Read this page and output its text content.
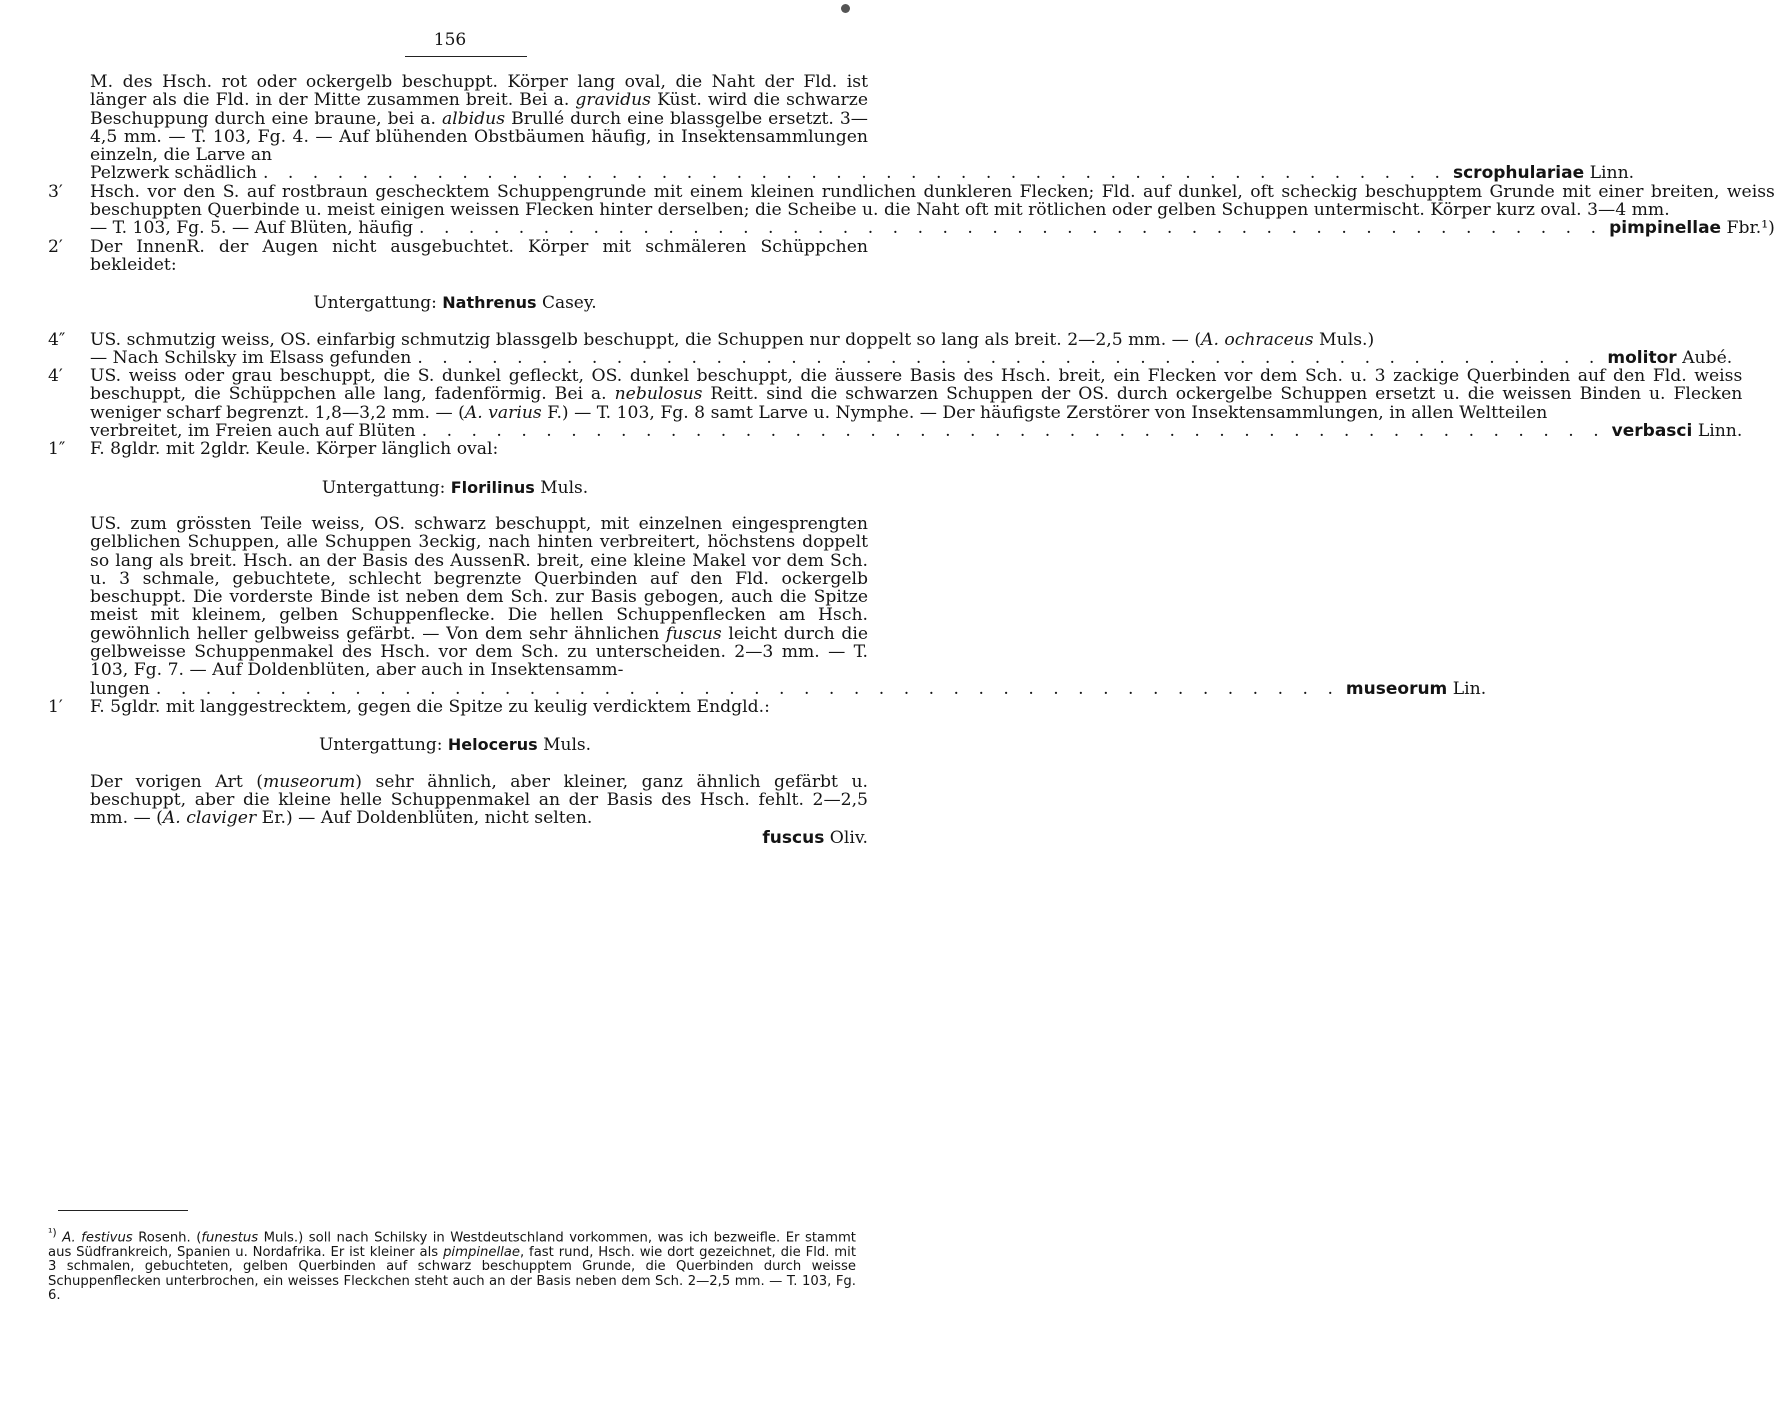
156
M. des Hsch. rot oder ockergelb beschuppt. Körper lang oval, die Naht der Fld. ist länger als die Fld. in der Mitte zusammen breit. Bei a. gravidus Küst. wird die schwarze Beschuppung durch eine braune, bei a. albidus Brullé durch eine blassgelbe ersetzt. 3—4,5 mm. — T. 103, Fg. 4. — Auf blühenden Obstbäumen häufig, in Insektensammlungen einzeln, die Larve an
Pelzwerk schädlich . . . . . . . . . . . . . . . . . . . . . . . . . . . . . . . . . . . . . . . . . . . . . . . . scrophulariae Linn.
3′	Hsch. vor den S. auf rostbraun geschecktem Schuppengrunde mit einem kleinen rundlichen dunkleren Flecken; Fld. auf dunkel, oft scheckig beschupptem Grunde mit einer breiten, weiss beschuppten Querbinde u. meist einigen weissen Flecken hinter derselben; die Scheibe u. die Naht oft mit rötlichen oder gelben Schuppen untermischt. Körper kurz oval. 3—4 mm.
— T. 103, Fg. 5. — Auf Blüten, häufig . . . . . . . . . . . . . . . . . . . . . . . . . . . . . . . . . . . . . . . . . . . . . . . . pimpinellae Fbr.¹)
2′	Der InnenR. der Augen nicht ausgebuchtet. Körper mit schmäleren Schüppchen bekleidet:
Untergattung: Nathrenus Casey.
4″	US. schmutzig weiss, OS. einfarbig schmutzig blassgelb beschuppt, die Schuppen nur doppelt so lang als breit. 2—2,5 mm. — (A. ochraceus Muls.)
— Nach Schilsky im Elsass gefunden . . . . . . . . . . . . . . . . . . . . . . . . . . . . . . . . . . . . . . . . . . . . . . . . molitor Aubé.
4′	US. weiss oder grau beschuppt, die S. dunkel gefleckt, OS. dunkel beschuppt, die äussere Basis des Hsch. breit, ein Flecken vor dem Sch. u. 3 zackige Querbinden auf den Fld. weiss beschuppt, die Schüppchen alle lang, fadenförmig. Bei a. nebulosus Reitt. sind die schwarzen Schuppen der OS. durch ockergelbe Schuppen ersetzt u. die weissen Binden u. Flecken weniger scharf begrenzt. 1,8—3,2 mm. — (A. varius F.) — T. 103, Fg. 8 samt Larve u. Nymphe. — Der häufigste Zerstörer von Insektensammlungen, in allen Weltteilen
verbreitet, im Freien auch auf Blüten . . . . . . . . . . . . . . . . . . . . . . . . . . . . . . . . . . . . . . . . . . . . . . . . verbasci Linn.
1″	F. 8gldr. mit 2gldr. Keule. Körper länglich oval:
Untergattung: Florilinus Muls.
US. zum grössten Teile weiss, OS. schwarz beschuppt, mit einzelnen eingesprengten gelblichen Schuppen, alle Schuppen 3eckig, nach hinten verbreitert, höchstens doppelt so lang als breit. Hsch. an der Basis des AussenR. breit, eine kleine Makel vor dem Sch. u. 3 schmale, gebuchtete, schlecht begrenzte Querbinden auf den Fld. ockergelb beschuppt. Die vorderste Binde ist neben dem Sch. zur Basis gebogen, auch die Spitze meist mit kleinem, gelben Schuppenflecke. Die hellen Schuppenflecken am Hsch. gewöhnlich heller gelbweiss gefärbt. — Von dem sehr ähnlichen fuscus leicht durch die gelbweisse Schuppenmakel des Hsch. vor dem Sch. zu unterscheiden. 2—3 mm. — T. 103, Fg. 7. — Auf Doldenblüten, aber auch in Insektensamm-
lungen . . . . . . . . . . . . . . . . . . . . . . . . . . . . . . . . . . . . . . . . . . . . . . . . museorum Lin.
1′	F. 5gldr. mit langgestrecktem, gegen die Spitze zu keulig verdicktem Endgld.:
Untergattung: Helocerus Muls.
Der vorigen Art (museorum) sehr ähnlich, aber kleiner, ganz ähnlich gefärbt u. beschuppt, aber die kleine helle Schuppenmakel an der Basis des Hsch. fehlt. 2—2,5 mm. — (A. claviger Er.) — Auf Doldenblüten, nicht selten.
fuscus Oliv.
$^{^1)}$ A. festivus Rosenh. (funestus Muls.) soll nach Schilsky in Westdeutschland vorkommen, was ich bezweifle. Er stammt aus Südfrankreich, Spanien u. Nordafrika. Er ist kleiner als pimpinellae, fast rund, Hsch. wie dort gezeichnet, die Fld. mit 3 schmalen, gebuchteten, gelben Querbinden auf schwarz beschupptem Grunde, die Querbinden durch weisse Schuppenflecken unterbrochen, ein weisses Fleckchen steht auch an der Basis neben dem Sch. 2—2,5 mm. — T. 103, Fg. 6.
